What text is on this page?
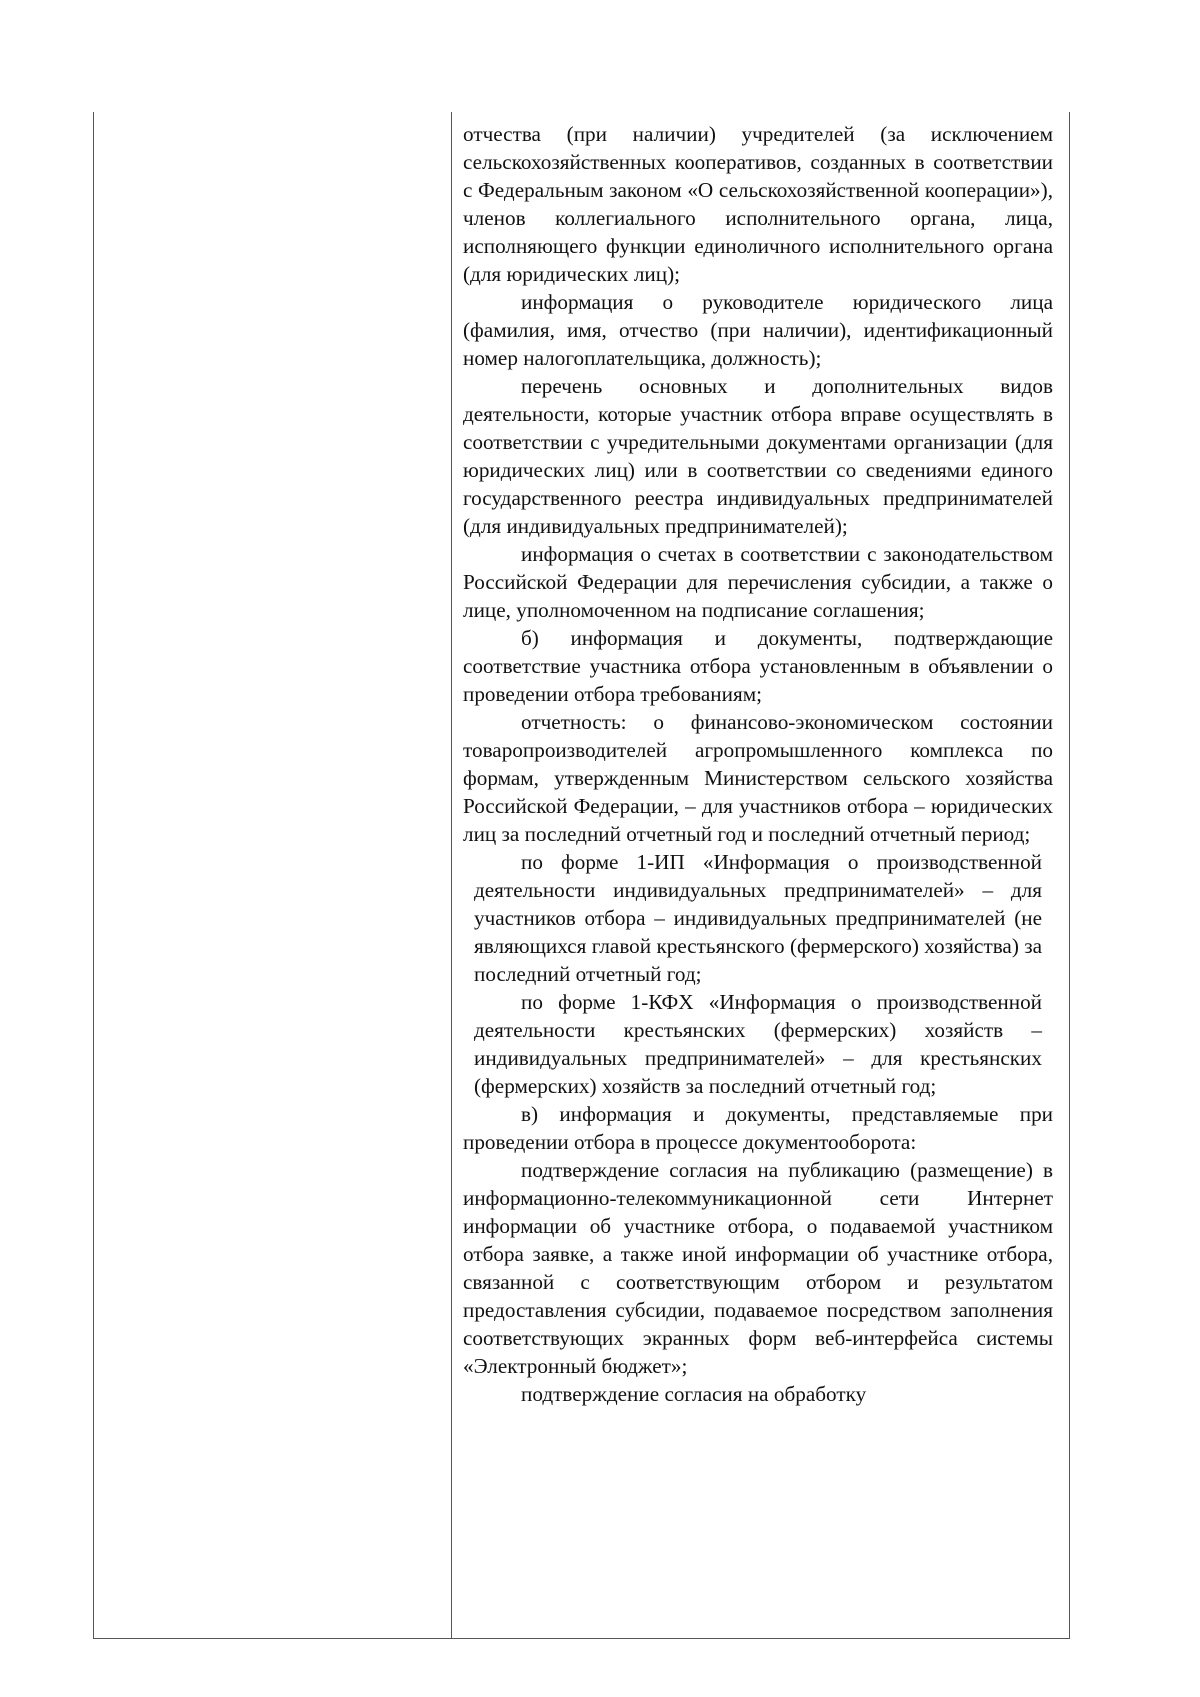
отчества (при наличии) учредителей (за исключением сельскохозяйственных кооперативов, созданных в соответствии с Федеральным законом «О сельскохозяйственной кооперации»), членов коллегиального исполнительного органа, лица, исполняющего функции единоличного исполнительного органа (для юридических лиц);

информация о руководителе юридического лица (фамилия, имя, отчество (при наличии), идентификационный номер налогоплательщика, должность);

перечень основных и дополнительных видов деятельности, которые участник отбора вправе осуществлять в соответствии с учредительными документами организации (для юридических лиц) или в соответствии со сведениями единого государственного реестра индивидуальных предпринимателей (для индивидуальных предпринимателей);

информация о счетах в соответствии с законодательством Российской Федерации для перечисления субсидии, а также о лице, уполномоченном на подписание соглашения;

б) информация и документы, подтверждающие соответствие участника отбора установленным в объявлении о проведении отбора требованиям;

отчетность: о финансово-экономическом состоянии товаропроизводителей агропромышленного комплекса по формам, утвержденным Министерством сельского хозяйства Российской Федерации, – для участников отбора – юридических лиц за последний отчетный год и последний отчетный период;

по форме 1-ИП «Информация о производственной деятельности индивидуальных предпринимателей» – для участников отбора – индивидуальных предпринимателей (не являющихся главой крестьянского (фермерского) хозяйства) за последний отчетный год;

по форме 1-КФХ «Информация о производственной деятельности крестьянских (фермерских) хозяйств – индивидуальных предпринимателей» – для крестьянских (фермерских) хозяйств за последний отчетный год;

в) информация и документы, представляемые при проведении отбора в процессе документооборота:

подтверждение согласия на публикацию (размещение) в информационно-телекоммуникационной сети Интернет информации об участнике отбора, о подаваемой участником отбора заявке, а также иной информации об участнике отбора, связанной с соответствующим отбором и результатом предоставления субсидии, подаваемое посредством заполнения соответствующих экранных форм веб-интерфейса системы «Электронный бюджет»;

подтверждение согласия на обработку
